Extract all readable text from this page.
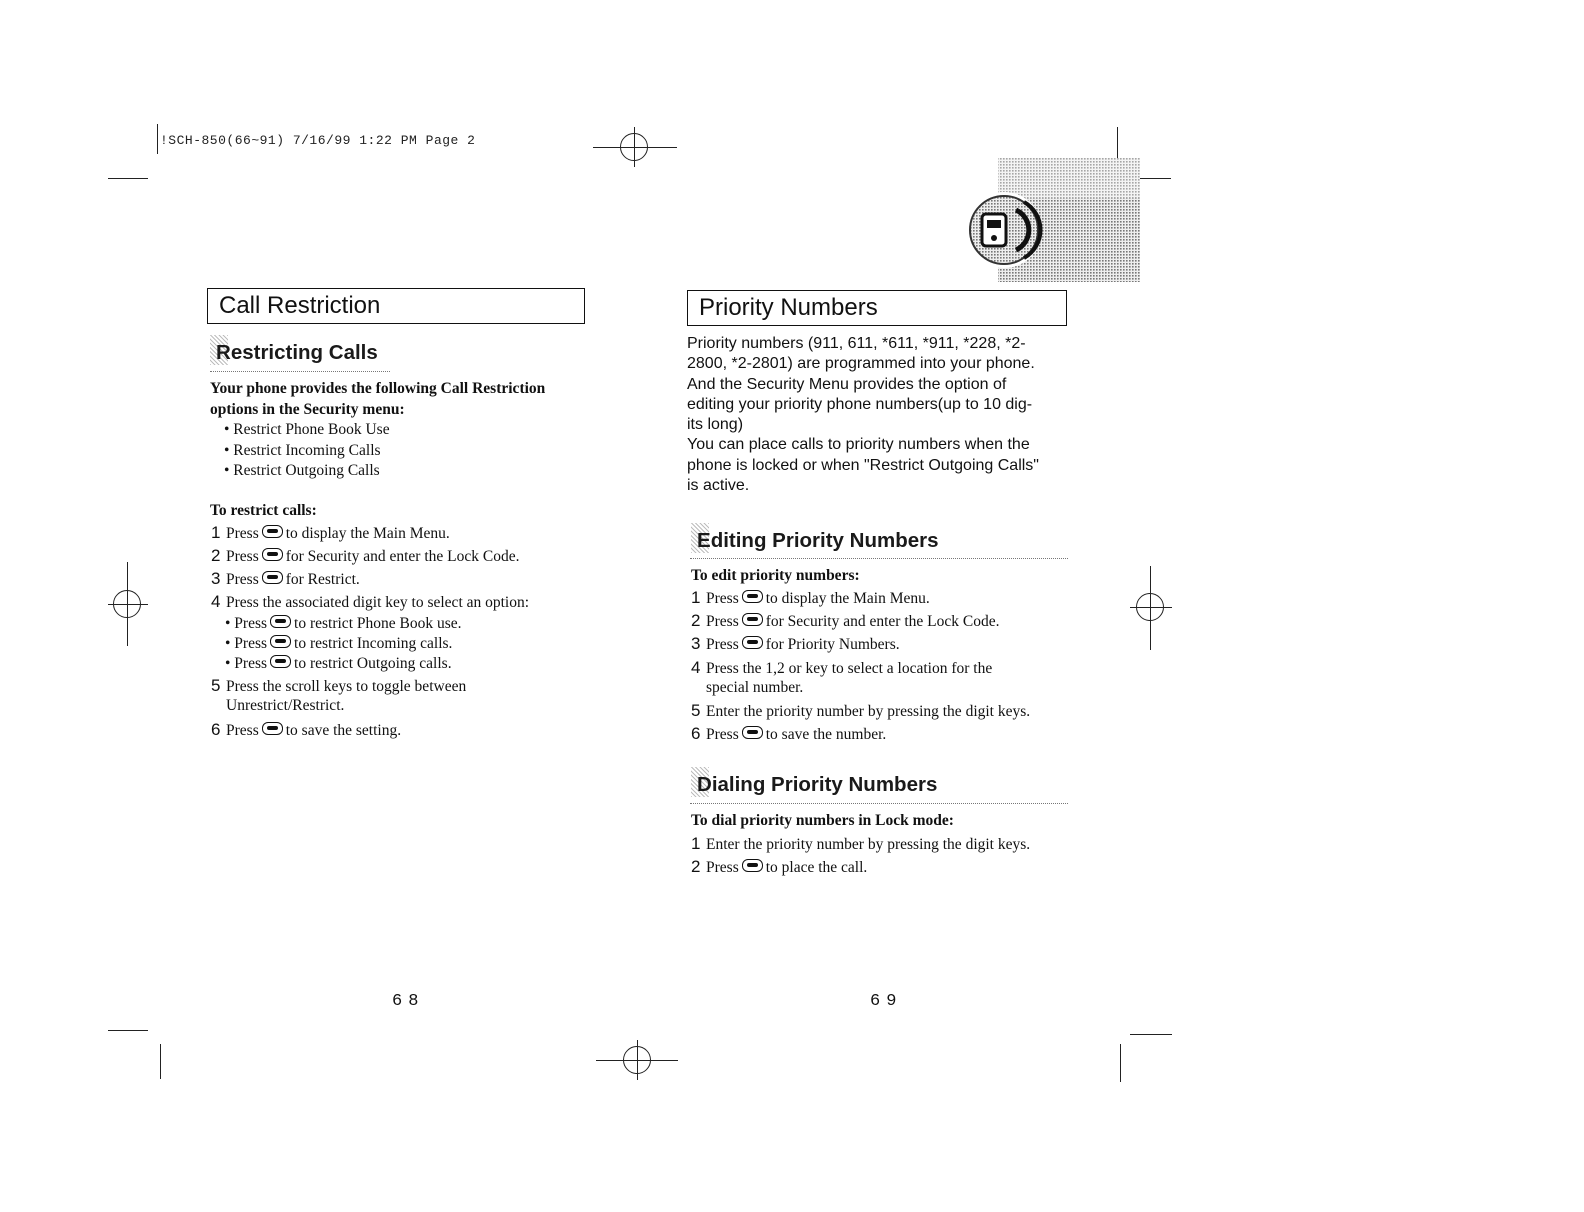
!SCH-850(66~91) 7/16/99 1:22 PM Page 2
Call Restriction
Restricting Calls
Your phone provides the following Call Restriction options in the Security menu:
• Restrict Phone Book Use
• Restrict Incoming Calls
• Restrict Outgoing Calls
To restrict calls:
1 Press to display the Main Menu.
2 Press for Security and enter the Lock Code.
3 Press for Restrict.
4 Press the associated digit key to select an option:
• Press to restrict Phone Book use.
• Press to restrict Incoming calls.
• Press to restrict Outgoing calls.
5 Press the scroll keys to toggle between
Unrestrict/Restrict.
6 Press to save the setting.
68
Priority Numbers
Priority numbers (911, 611, *611, *911, *228, *2-
2800, *2-2801) are programmed into your phone.
And the Security Menu provides the option of
editing your priority phone numbers(up to 10 dig-
its long)
You can place calls to priority numbers when the
phone is locked or when "Restrict Outgoing Calls"
is active.
Editing Priority Numbers
To edit priority numbers:
1 Press to display the Main Menu.
2 Press for Security and enter the Lock Code.
3 Press for Priority Numbers.
4 Press the 1,2 or key to select a location for the
special number.
5 Enter the priority number by pressing the digit keys.
6 Press to save the number.
Dialing Priority Numbers
To dial priority numbers in Lock mode:
1 Enter the priority number by pressing the digit keys.
2 Press to place the call.
69
